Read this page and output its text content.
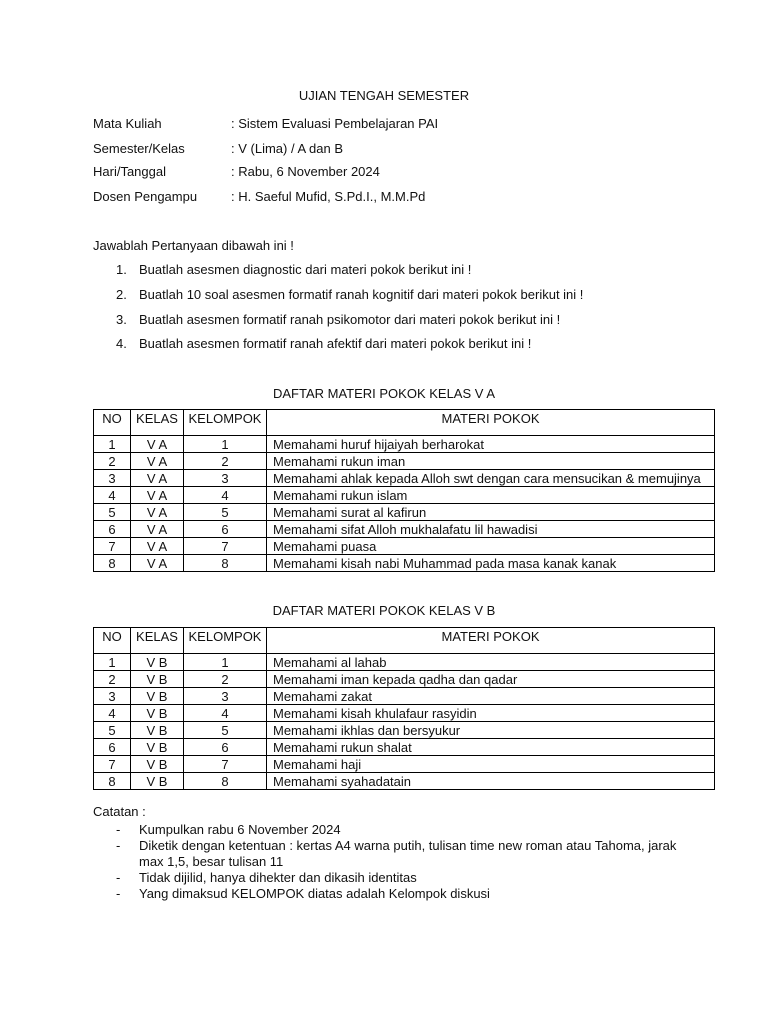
UJIAN TENGAH SEMESTER
Mata Kuliah	: Sistem Evaluasi Pembelajaran PAI
Semester/Kelas	: V (Lima) / A dan B
Hari/Tanggal	: Rabu, 6 November 2024
Dosen Pengampu	: H. Saeful Mufid, S.Pd.I., M.M.Pd
Jawablah Pertanyaan dibawah ini !
1. Buatlah asesmen diagnostic dari materi pokok berikut ini !
2. Buatlah 10 soal asesmen formatif ranah kognitif dari materi pokok berikut ini !
3. Buatlah asesmen formatif ranah psikomotor dari materi pokok berikut ini !
4. Buatlah asesmen formatif ranah afektif dari materi pokok berikut ini !
DAFTAR MATERI POKOK KELAS V A
NO	KELAS	KELOMPOK	MATERI POKOK
1	V A	1	Memahami huruf hijaiyah berharokat
2	V A	2	Memahami rukun iman
3	V A	3	Memahami ahlak kepada Alloh swt dengan cara mensucikan & memujinya
4	V A	4	Memahami rukun islam
5	V A	5	Memahami surat al kafirun
6	V A	6	Memahami sifat Alloh mukhalafatu lil hawadisi
7	V A	7	Memahami puasa
8	V A	8	Memahami kisah nabi Muhammad pada masa kanak kanak
DAFTAR MATERI POKOK KELAS V B
NO	KELAS	KELOMPOK	MATERI POKOK
1	V B	1	Memahami al lahab
2	V B	2	Memahami iman kepada qadha dan qadar
3	V B	3	Memahami zakat
4	V B	4	Memahami kisah khulafaur rasyidin
5	V B	5	Memahami ikhlas dan bersyukur
6	V B	6	Memahami rukun shalat
7	V B	7	Memahami haji
8	V B	8	Memahami syahadatain
Catatan :
- Kumpulkan rabu 6 November 2024
- Diketik dengan ketentuan : kertas A4 warna putih, tulisan time new roman atau Tahoma, jarak max 1,5, besar tulisan 11
- Tidak dijilid, hanya dihekter dan dikasih identitas
- Yang dimaksud KELOMPOK diatas adalah Kelompok diskusi
